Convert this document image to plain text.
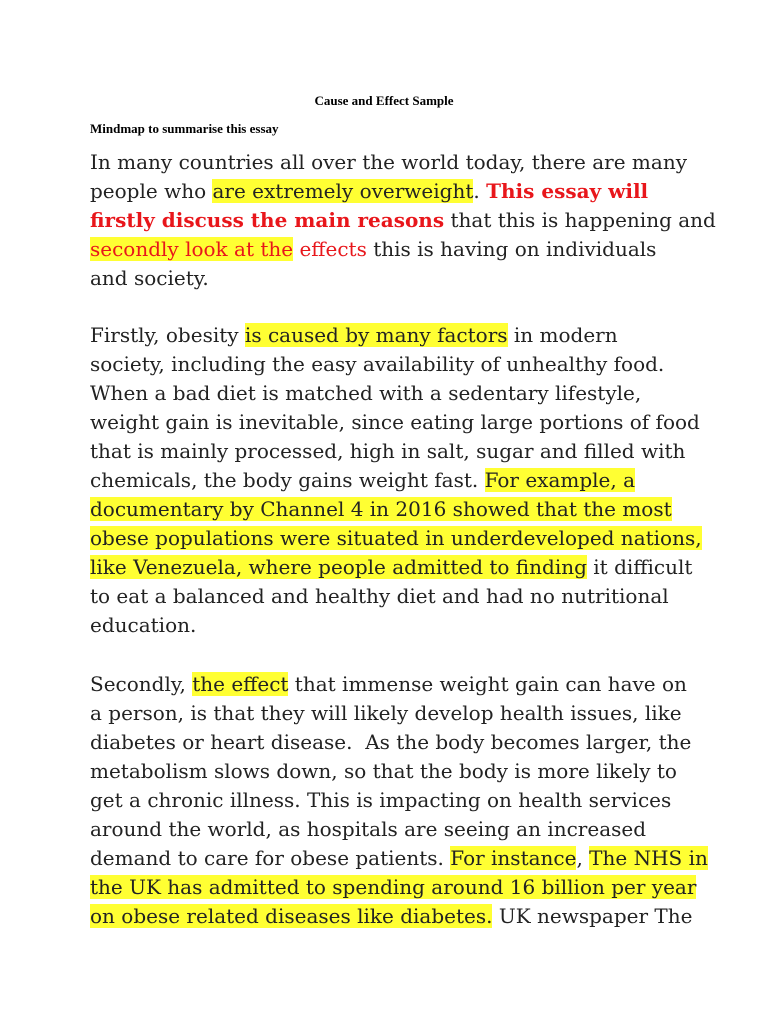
Cause and Effect Sample
Mindmap to summarise this essay
In many countries all over the world today, there are many
people who are extremely overweight. This essay will
firstly discuss the main reasons that this is happening and
secondly look at the effects this is having on individuals
and society.
Firstly, obesity is caused by many factors in modern
society, including the easy availability of unhealthy food.
When a bad diet is matched with a sedentary lifestyle,
weight gain is inevitable, since eating large portions of food
that is mainly processed, high in salt, sugar and filled with
chemicals, the body gains weight fast. For example, a
documentary by Channel 4 in 2016 showed that the most
obese populations were situated in underdeveloped nations,
like Venezuela, where people admitted to finding it difficult
to eat a balanced and healthy diet and had no nutritional
education.
Secondly, the effect that immense weight gain can have on
a person, is that they will likely develop health issues, like
diabetes or heart disease.  As the body becomes larger, the
metabolism slows down, so that the body is more likely to
get a chronic illness. This is impacting on health services
around the world, as hospitals are seeing an increased
demand to care for obese patients. For instance, The NHS in
the UK has admitted to spending around 16 billion per year
on obese related diseases like diabetes. UK newspaper The
